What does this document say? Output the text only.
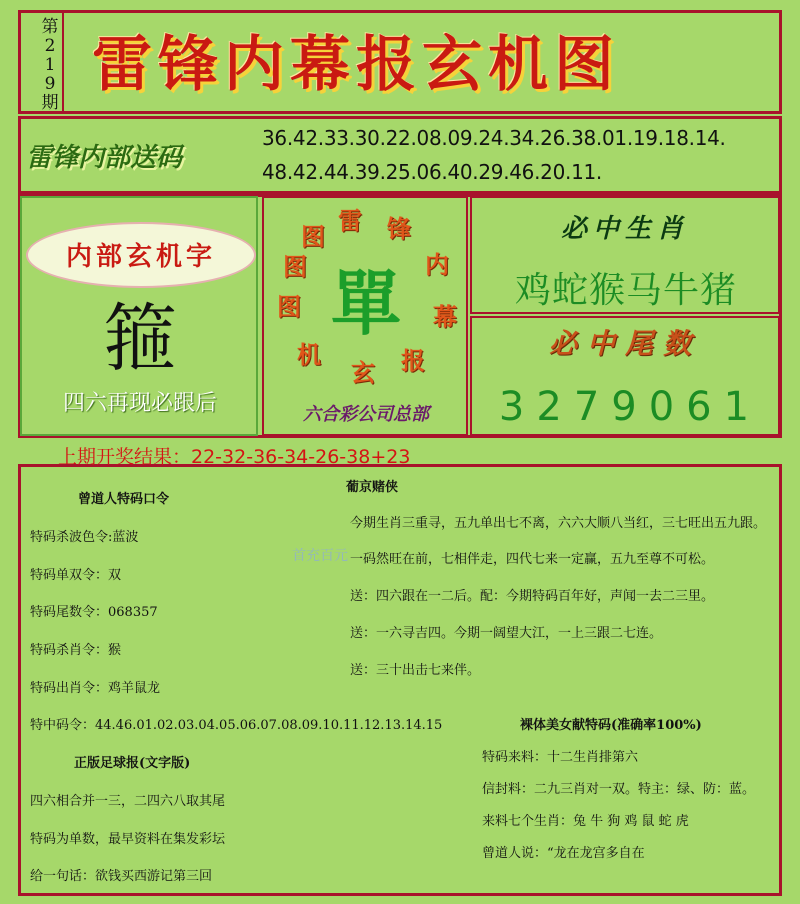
第
2
1
9
期
雷锋内幕报玄机图
雷锋内部送码
36.42.33.30.22.08.09.24.34.26.38.01.19.18.14.
48.42.44.39.25.06.40.29.46.20.11.
内部玄机字
箍
四六再现必跟后
雷 锋
内
幕
报
玄
机
图
图
图
單
六合彩公司总部
必中生肖
鸡蛇猴马牛猪
必中尾数
3279061
上期开奖结果：22-32-36-34-26-38+23
曾道人特码口令
特码杀波色令:蓝波
特码单双令：双
特码尾数令：068357
特码杀肖令：猴
特码出肖令：鸡羊鼠龙
特中码令：44.46.01.02.03.04.05.06.07.08.09.10.11.12.13.14.15
正版足球报(文字版)
四六相合并一三，二四六八取其尾
特码为单数，最早资料在集发彩坛
给一句话：欲钱买西游记第三回
葡京赌侠
今期生肖三重寻，五九单出七不离，六六大顺八当红，三七旺出五九跟。
首充百元 一码然旺在前，七相伴走，四代七来一定赢，五九至尊不可松。
送：四六跟在一二后。配：今期特码百年好，声闻一去二三里。
送：一六寻吉四。今期一阔望大江，一上三跟二七连。
送：三十出击七来伴。
裸体美女献特码(准确率100%)
特码来料：十二生肖排第六
信封料：二九三肖对一双。特主：绿、防：蓝。
来料七个生肖：兔 牛 狗 鸡 鼠 蛇 虎
曾道人说：“龙在龙宫多自在
